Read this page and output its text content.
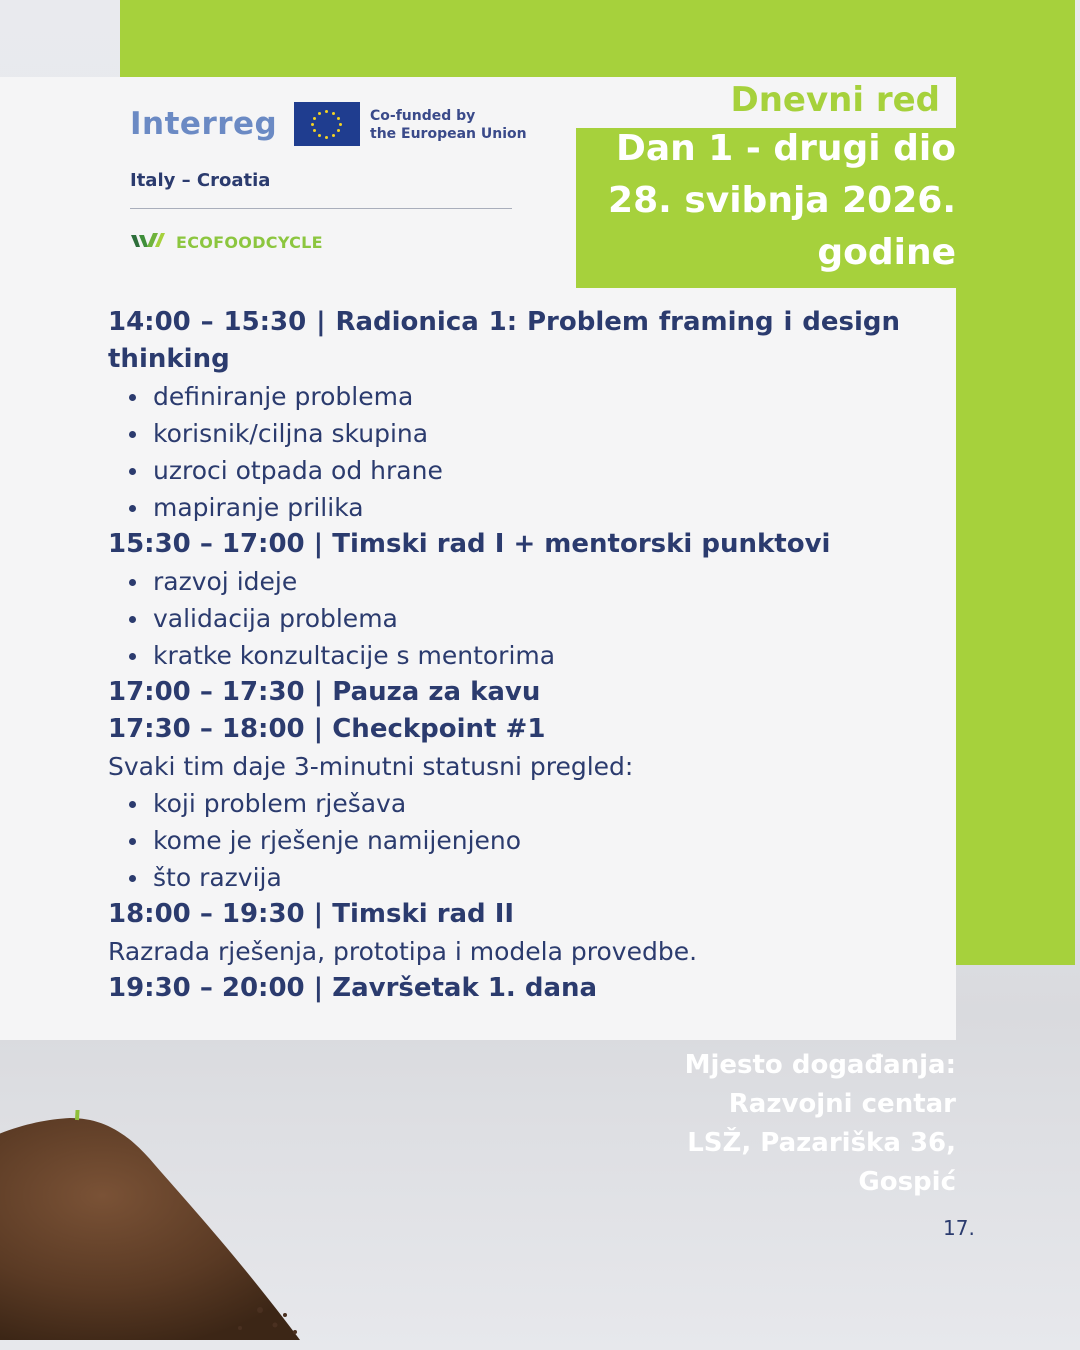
Interreg	Co-funded by
the European Union
Italy – Croatia
ECOFOODCYCLE
Dnevni red
Dan 1 - drugi dio
28. svibnja 2026.
godine
14:00 – 15:30 | Radionica 1: Problem framing i design
thinking
definiranje problema
korisnik/ciljna skupina
uzroci otpada od hrane
mapiranje prilika
15:30 – 17:00 | Timski rad I + mentorski punktovi
razvoj ideje
validacija problema
kratke konzultacije s mentorima
17:00 – 17:30 | Pauza za kavu
17:30 – 18:00 | Checkpoint #1
Svaki tim daje 3-minutni statusni pregled:
koji problem rješava
kome je rješenje namijenjeno
što razvija
18:00 – 19:30 | Timski rad II
Razrada rješenja, prototipa i modela provedbe.
19:30 – 20:00 | Završetak 1. dana
Mjesto događanja:
Razvojni centar
LSŽ, Pazariška 36,
Gospić
17.
